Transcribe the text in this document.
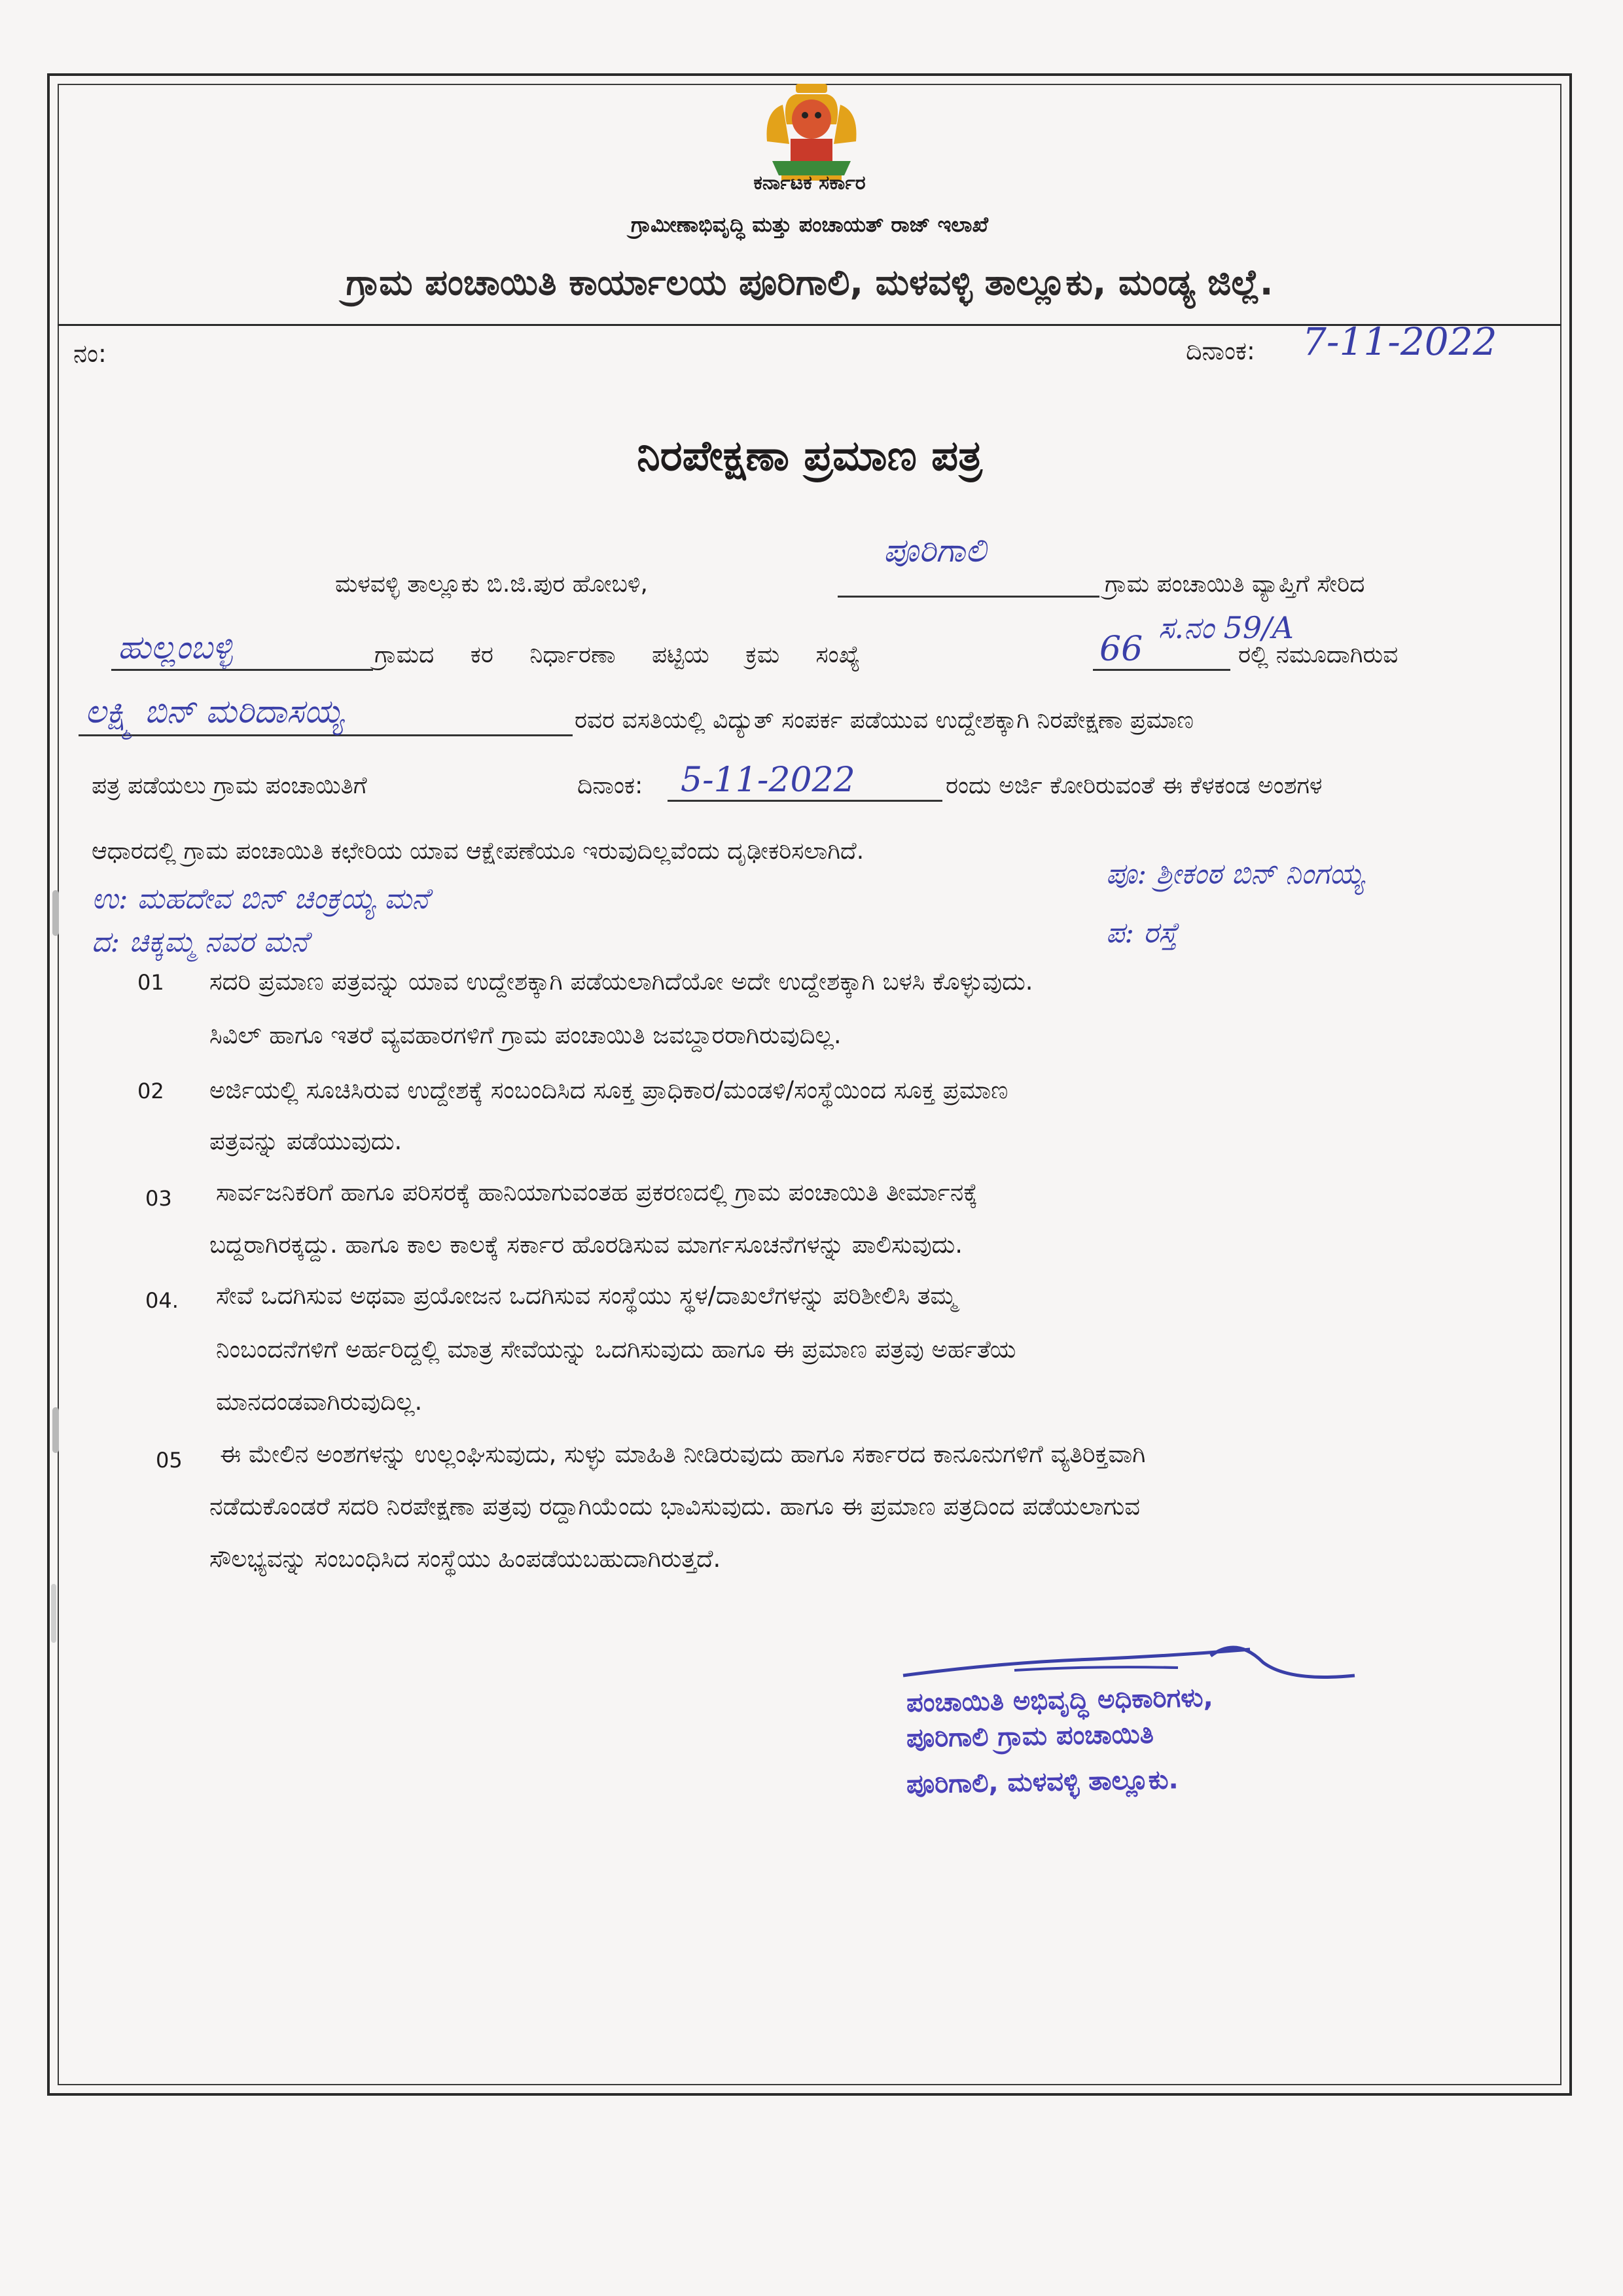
ಕರ್ನಾಟಕ ಸರ್ಕಾರ
ಗ್ರಾಮೀಣಾಭಿವೃದ್ಧಿ ಮತ್ತು ಪಂಚಾಯತ್ ರಾಜ್ ಇಲಾಖೆ
ಗ್ರಾಮ ಪಂಚಾಯಿತಿ ಕಾರ್ಯಾಲಯ ಪೂರಿಗಾಲಿ, ಮಳವಳ್ಳಿ ತಾಲ್ಲೂಕು, ಮಂಡ್ಯ ಜಿಲ್ಲೆ.
ನಂ:	ದಿನಾಂಕ: 7-11-2022
ನಿರಪೇಕ್ಷಣಾ ಪ್ರಮಾಣ ಪತ್ರ
ಮಳವಳ್ಳಿ ತಾಲ್ಲೂಕು ಬಿ.ಜಿ.ಪುರ ಹೋಬಳಿ,
ಪೂರಿಗಾಲಿ
ಗ್ರಾಮ ಪಂಚಾಯಿತಿ ವ್ಯಾಪ್ತಿಗೆ ಸೇರಿದ
ಹುಲ್ಲಂಬಳ್ಳಿ	ಗ್ರಾಮದ ಕರ ನಿರ್ಧಾರಣಾ ಪಟ್ಟಿಯ ಕ್ರಮ ಸಂಖ್ಯೆ	66
ಸ.ನಂ 59/A
ರಲ್ಲಿ ನಮೂದಾಗಿರುವ
ಲಕ್ಷ್ಮಿ ಬಿನ್ ಮರಿದಾಸಯ್ಯ	ರವರ ವಸತಿಯಲ್ಲಿ ವಿದ್ಯುತ್ ಸಂಪರ್ಕ ಪಡೆಯುವ ಉದ್ದೇಶಕ್ಕಾಗಿ ನಿರಪೇಕ್ಷಣಾ ಪ್ರಮಾಣ
ಪತ್ರ ಪಡೆಯಲು ಗ್ರಾಮ ಪಂಚಾಯಿತಿಗೆ	ದಿನಾಂಕ: 5-11-2022	ರಂದು ಅರ್ಜಿ ಕೋರಿರುವಂತೆ ಈ ಕೆಳಕಂಡ ಅಂಶಗಳ
ಆಧಾರದಲ್ಲಿ ಗ್ರಾಮ ಪಂಚಾಯಿತಿ ಕಛೇರಿಯ ಯಾವ ಆಕ್ಷೇಪಣೆಯೂ ಇರುವುದಿಲ್ಲವೆಂದು ದೃಢೀಕರಿಸಲಾಗಿದೆ.
ಉ: ಮಹದೇವ ಬಿನ್ ಚಿಂಕ್ರಯ್ಯ ಮನೆ
ದ: ಚಿಕ್ಕಮ್ಮ ನವರ ಮನೆ
ಪೂ: ಶ್ರೀಕಂಠ ಬಿನ್ ನಿಂಗಯ್ಯ
ಪ: ರಸ್ತೆ
01 ಸದರಿ ಪ್ರಮಾಣ ಪತ್ರವನ್ನು ಯಾವ ಉದ್ದೇಶಕ್ಕಾಗಿ ಪಡೆಯಲಾಗಿದೆಯೋ ಅದೇ ಉದ್ದೇಶಕ್ಕಾಗಿ ಬಳಸಿ ಕೊಳ್ಳುವುದು.
ಸಿವಿಲ್ ಹಾಗೂ ಇತರೆ ವ್ಯವಹಾರಗಳಿಗೆ ಗ್ರಾಮ ಪಂಚಾಯಿತಿ ಜವಬ್ದಾರರಾಗಿರುವುದಿಲ್ಲ.
02 ಅರ್ಜಿಯಲ್ಲಿ ಸೂಚಿಸಿರುವ ಉದ್ದೇಶಕ್ಕೆ ಸಂಬಂದಿಸಿದ ಸೂಕ್ತ ಪ್ರಾಧಿಕಾರ/ಮಂಡಳಿ/ಸಂಸ್ಥೆಯಿಂದ ಸೂಕ್ತ ಪ್ರಮಾಣ
ಪತ್ರವನ್ನು ಪಡೆಯುವುದು.
03 ಸಾರ್ವಜನಿಕರಿಗೆ ಹಾಗೂ ಪರಿಸರಕ್ಕೆ ಹಾನಿಯಾಗುವಂತಹ ಪ್ರಕರಣದಲ್ಲಿ ಗ್ರಾಮ ಪಂಚಾಯಿತಿ ತೀರ್ಮಾನಕ್ಕೆ
ಬದ್ದರಾಗಿರಕ್ಕದ್ದು. ಹಾಗೂ ಕಾಲ ಕಾಲಕ್ಕೆ ಸರ್ಕಾರ ಹೊರಡಿಸುವ ಮಾರ್ಗಸೂಚನೆಗಳನ್ನು ಪಾಲಿಸುವುದು.
04. ಸೇವೆ ಒದಗಿಸುವ ಅಥವಾ ಪ್ರಯೋಜನ ಒದಗಿಸುವ ಸಂಸ್ಥೆಯು ಸ್ಥಳ/ದಾಖಲೆಗಳನ್ನು ಪರಿಶೀಲಿಸಿ ತಮ್ಮ
ನಿಂಬಂದನೆಗಳಿಗೆ ಅರ್ಹರಿದ್ದಲ್ಲಿ ಮಾತ್ರ ಸೇವೆಯನ್ನು ಒದಗಿಸುವುದು ಹಾಗೂ ಈ ಪ್ರಮಾಣ ಪತ್ರವು ಅರ್ಹತೆಯ
ಮಾನದಂಡವಾಗಿರುವುದಿಲ್ಲ.
05 ಈ ಮೇಲಿನ ಅಂಶಗಳನ್ನು ಉಲ್ಲಂಘಿಸುವುದು, ಸುಳ್ಳು ಮಾಹಿತಿ ನೀಡಿರುವುದು ಹಾಗೂ ಸರ್ಕಾರದ ಕಾನೂನುಗಳಿಗೆ ವ್ಯತಿರಿಕ್ತವಾಗಿ
ನಡೆದುಕೊಂಡರೆ ಸದರಿ ನಿರಪೇಕ್ಷಣಾ ಪತ್ರವು ರದ್ದಾಗಿಯೆಂದು ಭಾವಿಸುವುದು. ಹಾಗೂ ಈ ಪ್ರಮಾಣ ಪತ್ರದಿಂದ ಪಡೆಯಲಾಗುವ
ಸೌಲಭ್ಯವನ್ನು ಸಂಬಂಧಿಸಿದ ಸಂಸ್ಥೆಯು ಹಿಂಪಡೆಯಬಹುದಾಗಿರುತ್ತದೆ.
ಪಂಚಾಯಿತಿ ಅಭಿವೃದ್ಧಿ ಅಧಿಕಾರಿಗಳು,
ಪೂರಿಗಾಲಿ ಗ್ರಾಮ ಪಂಚಾಯಿತಿ
ಪೂರಿಗಾಲಿ, ಮಳವಳ್ಳಿ ತಾಲ್ಲೂಕು.
